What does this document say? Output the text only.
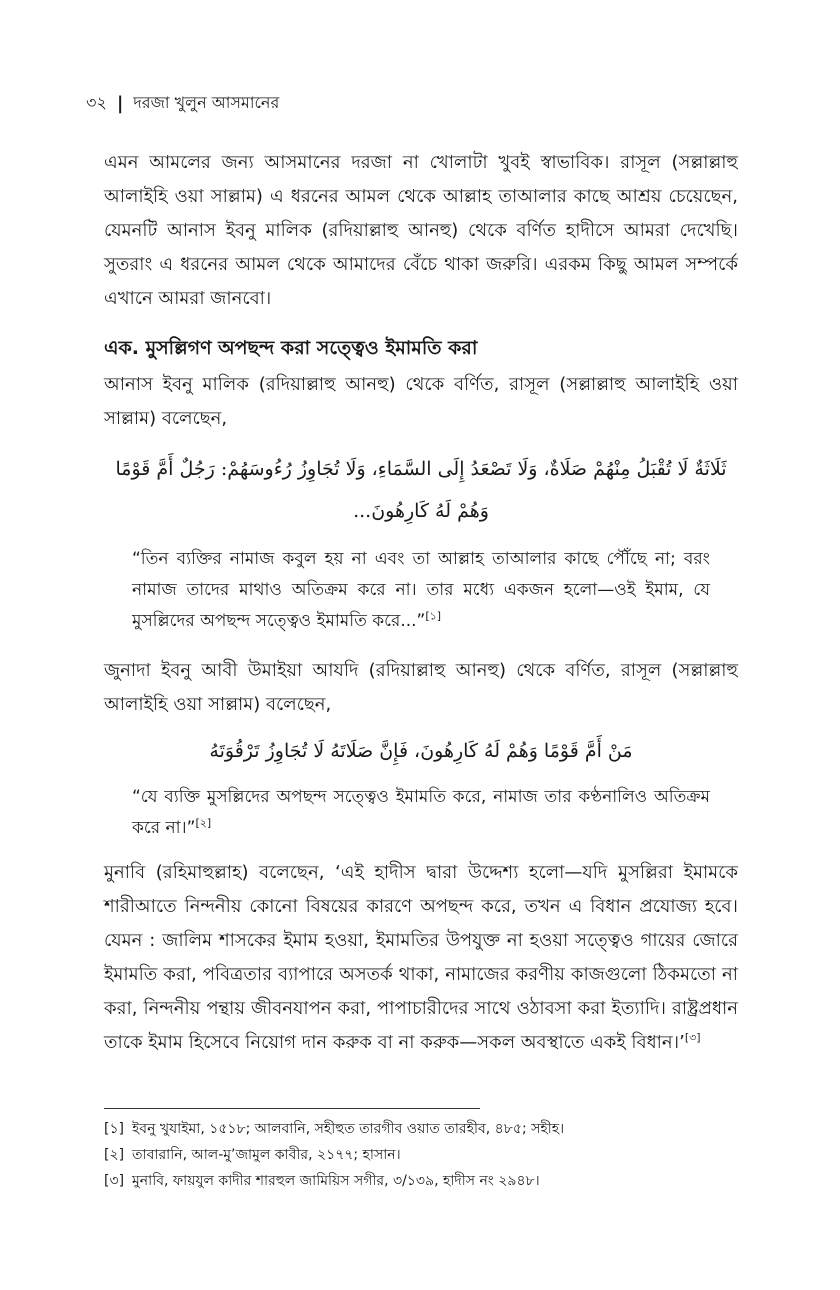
৩২ | দরজা খুলুন আসমানের

এমন আমলের জন্য আসমানের দরজা না খোলাটা খুবই স্বাভাবিক। রাসূল (সল্লাল্লাহু আলাইহি ওয়া সাল্লাম) এ ধরনের আমল থেকে আল্লাহ তাআলার কাছে আশ্রয় চেয়েছেন, যেমনটি আনাস ইবনু মালিক (রদিয়াল্লাহু আনহু) থেকে বর্ণিত হাদীসে আমরা দেখেছি। সুতরাং এ ধরনের আমল থেকে আমাদের বেঁচে থাকা জরুরি। এরকম কিছু আমল সম্পর্কে এখানে আমরা জানবো।

এক. মুসল্লিগণ অপছন্দ করা সত্ত্বেও ইমামতি করা

আনাস ইবনু মালিক (রদিয়াল্লাহু আনহু) থেকে বর্ণিত, রাসূল (সল্লাল্লাহু আলাইহি ওয়া সাল্লাম) বলেছেন,

ثَلَاثَةٌ لَا تُقْبَلُ مِنْهُمْ صَلَاةٌ، وَلَا تَصْعَدُ إِلَى السَّمَاءِ، وَلَا تُجَاوِزُ رُءُوسَهُمْ: رَجُلٌ أَمَّ قَوْمًا وَهُمْ لَهُ كَارِهُونَ...

“তিন ব্যক্তির নামাজ কবুল হয় না এবং তা আল্লাহ তাআলার কাছে পৌঁছে না; বরং নামাজ তাদের মাথাও অতিক্রম করে না। তার মধ্যে একজন হলো—ওই ইমাম, যে মুসল্লিদের অপছন্দ সত্ত্বেও ইমামতি করে...”[১]

জুনাদা ইবনু আবী উমাইয়া আযদি (রদিয়াল্লাহু আনহু) থেকে বর্ণিত, রাসূল (সল্লাল্লাহু আলাইহি ওয়া সাল্লাম) বলেছেন,

مَنْ أَمَّ قَوْمًا وَهُمْ لَهُ كَارِهُونَ، فَإِنَّ صَلَاتَهُ لَا تُجَاوِزُ تَرْقُوَتَهُ

“যে ব্যক্তি মুসল্লিদের অপছন্দ সত্ত্বেও ইমামতি করে, নামাজ তার কণ্ঠনালিও অতিক্রম করে না।”[২]

মুনাবি (রহিমাহুল্লাহ) বলেছেন, ‘এই হাদীস দ্বারা উদ্দেশ্য হলো—যদি মুসল্লিরা ইমামকে শারীআতে নিন্দনীয় কোনো বিষয়ের কারণে অপছন্দ করে, তখন এ বিধান প্রযোজ্য হবে। যেমন : জালিম শাসকের ইমাম হওয়া, ইমামতির উপযুক্ত না হওয়া সত্ত্বেও গায়ের জোরে ইমামতি করা, পবিত্রতার ব্যাপারে অসতর্ক থাকা, নামাজের করণীয় কাজগুলো ঠিকমতো না করা, নিন্দনীয় পন্থায় জীবনযাপন করা, পাপাচারীদের সাথে ওঠাবসা করা ইত্যাদি। রাষ্ট্রপ্রধান তাকে ইমাম হিসেবে নিয়োগ দান করুক বা না করুক—সকল অবস্থাতে একই বিধান।’[৩]

[১] ইবনু খুযাইমা, ১৫১৮; আলবানি, সহীহুত তারগীব ওয়াত তারহীব, ৪৮৫; সহীহ।
[২] তাবারানি, আল-মু’জামুল কাবীর, ২১৭৭; হাসান।
[৩] মুনাবি, ফায়যুল কাদীর শারহুল জামিয়িস সগীর, ৩/১৩৯, হাদীস নং ২৯৪৮।
